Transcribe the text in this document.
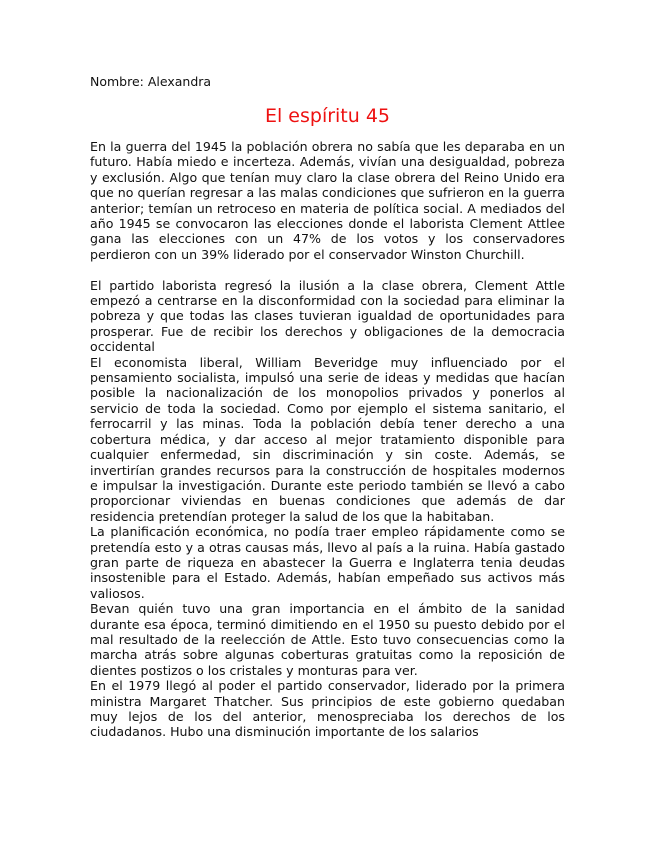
Nombre: Alexandra

El espíritu 45

En la guerra del 1945 la población obrera no sabía que les deparaba en un futuro. Había miedo e incerteza. Además, vivían una desigualdad, pobreza y exclusión. Algo que tenían muy claro la clase obrera del Reino Unido era que no querían regresar a las malas condiciones que sufrieron en la guerra anterior; temían un retroceso en materia de política social. A mediados del año 1945 se convocaron las elecciones donde el laborista Clement Attlee gana las elecciones con un 47% de los votos y los conservadores perdieron con un 39% liderado por el conservador Winston Churchill.

El partido laborista regresó la ilusión a la clase obrera, Clement Attle empezó a centrarse en la disconformidad con la sociedad para eliminar la pobreza y que todas las clases tuvieran igualdad de oportunidades para prosperar. Fue de recibir los derechos y obligaciones de la democracia occidental

El economista liberal, William Beveridge muy influenciado por el pensamiento socialista, impulsó una serie de ideas y medidas que hacían posible la nacionalización de los monopolios privados y ponerlos al servicio de toda la sociedad. Como por ejemplo el sistema sanitario, el ferrocarril y las minas. Toda la población debía tener derecho a una cobertura médica, y dar acceso al mejor tratamiento disponible para cualquier enfermedad, sin discriminación y sin coste. Además, se invertirían grandes recursos para la construcción de hospitales modernos e impulsar la investigación. Durante este periodo también se llevó a cabo proporcionar viviendas en buenas condiciones que además de dar residencia pretendían proteger la salud de los que la habitaban.

La planificación económica, no podía traer empleo rápidamente como se pretendía esto y a otras causas más, llevo al país a la ruina. Había gastado gran parte de riqueza en abastecer la Guerra e Inglaterra tenia deudas insostenible para el Estado. Además, habían empeñado sus activos más valiosos.

Bevan quién tuvo una gran importancia en el ámbito de la sanidad durante esa época, terminó dimitiendo en el 1950 su puesto debido por el mal resultado de la reelección de Attle. Esto tuvo consecuencias como la marcha atrás sobre algunas coberturas gratuitas como la reposición de dientes postizos o los cristales y monturas para ver.

En el 1979 llegó al poder el partido conservador, liderado por la primera ministra Margaret Thatcher. Sus principios de este gobierno quedaban muy lejos de los del anterior, menospreciaba los derechos de los ciudadanos. Hubo una disminución importante de los salarios
